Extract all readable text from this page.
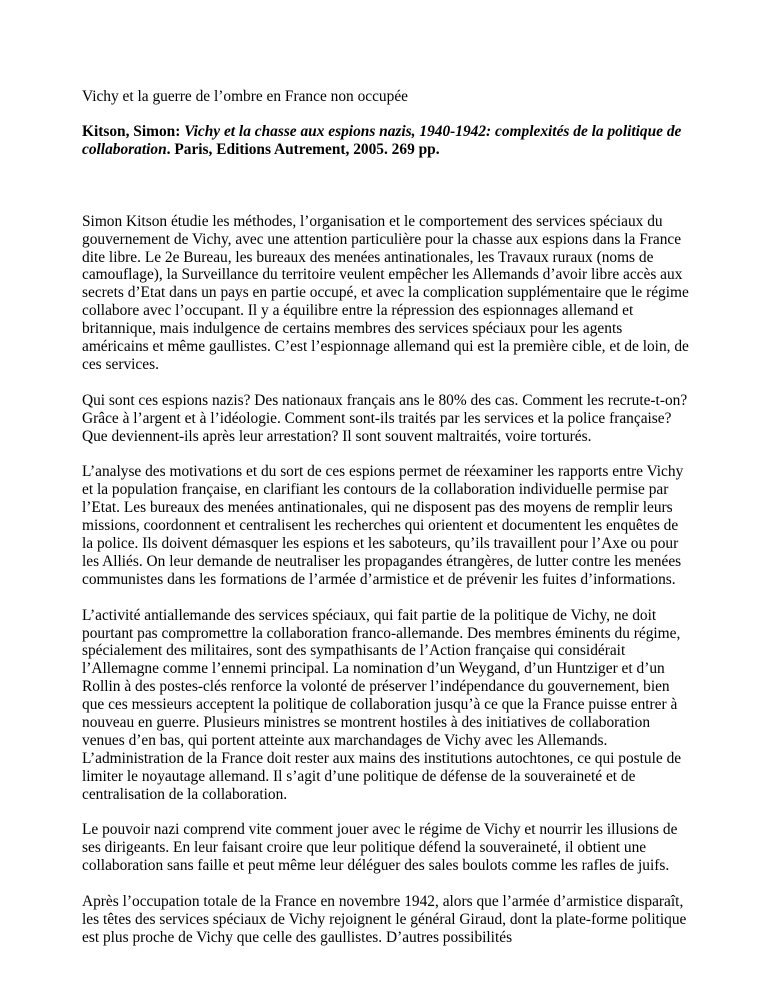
Vichy et la guerre de l’ombre en France non occupée

Kitson, Simon: Vichy et la chasse aux espions nazis, 1940-1942: complexités de la politique de collaboration. Paris, Editions Autrement, 2005. 269 pp.

Simon Kitson étudie les méthodes, l’organisation et le comportement des services spéciaux du gouvernement de Vichy, avec une attention particulière pour la chasse aux espions dans la France dite libre. Le 2e Bureau, les bureaux des menées antinationales, les Travaux ruraux (noms de camouflage), la Surveillance du territoire veulent empêcher les Allemands d’avoir libre accès aux secrets d’Etat dans un pays en partie occupé, et avec la complication supplémentaire que le régime collabore avec l’occupant. Il y a équilibre entre la répression des espionnages allemand et britannique, mais indulgence de certains membres des services spéciaux pour les agents américains et même gaullistes. C’est l’espionnage allemand qui est la première cible, et de loin, de ces services.

Qui sont ces espions nazis? Des nationaux français ans le 80% des cas. Comment les recrute-t-on? Grâce à l’argent et à l’idéologie. Comment sont-ils traités par les services et la police française? Que deviennent-ils après leur arrestation? Il sont souvent maltraités, voire torturés.

L’analyse des motivations et du sort de ces espions permet de réexaminer les rapports entre Vichy et la population française, en clarifiant les contours de la collaboration individuelle permise par l’Etat. Les bureaux des menées antinationales, qui ne disposent pas des moyens de remplir leurs missions, coordonnent et centralisent les recherches qui orientent et documentent les enquêtes de la police. Ils doivent démasquer les espions et les saboteurs, qu’ils travaillent pour l’Axe ou pour les Alliés. On leur demande de neutraliser les propagandes étrangères, de lutter contre les menées communistes dans les formations de l’armée d’armistice et de prévenir les fuites d’informations.

L’activité antiallemande des services spéciaux, qui fait partie de la politique de Vichy, ne doit pourtant pas compromettre la collaboration franco-allemande. Des membres éminents du régime, spécialement des militaires, sont des sympathisants de l’Action française qui considérait l’Allemagne comme l’ennemi principal. La nomination d’un Weygand, d’un Huntziger et d’un Rollin à des postes-clés renforce la volonté de préserver l’indépendance du gouvernement, bien que ces messieurs acceptent la politique de collaboration jusqu’à ce que la France puisse entrer à nouveau en guerre. Plusieurs ministres se montrent hostiles à des initiatives de collaboration venues d’en bas, qui portent atteinte aux marchandages de Vichy avec les Allemands. L’administration de la France doit rester aux mains des institutions autochtones, ce qui postule de limiter le noyautage allemand. Il s’agit d’une politique de défense de la souveraineté et de centralisation de la collaboration.

Le pouvoir nazi comprend vite comment jouer avec le régime de Vichy et nourrir les illusions de ses dirigeants. En leur faisant croire que leur politique défend la souveraineté, il obtient une collaboration sans faille et peut même leur déléguer des sales boulots comme les rafles de juifs.

Après l’occupation totale de la France en novembre 1942, alors que l’armée d’armistice disparaît, les têtes des services spéciaux de Vichy rejoignent le général Giraud, dont la plate-forme politique est plus proche de Vichy que celle des gaullistes. D’autres possibilités
